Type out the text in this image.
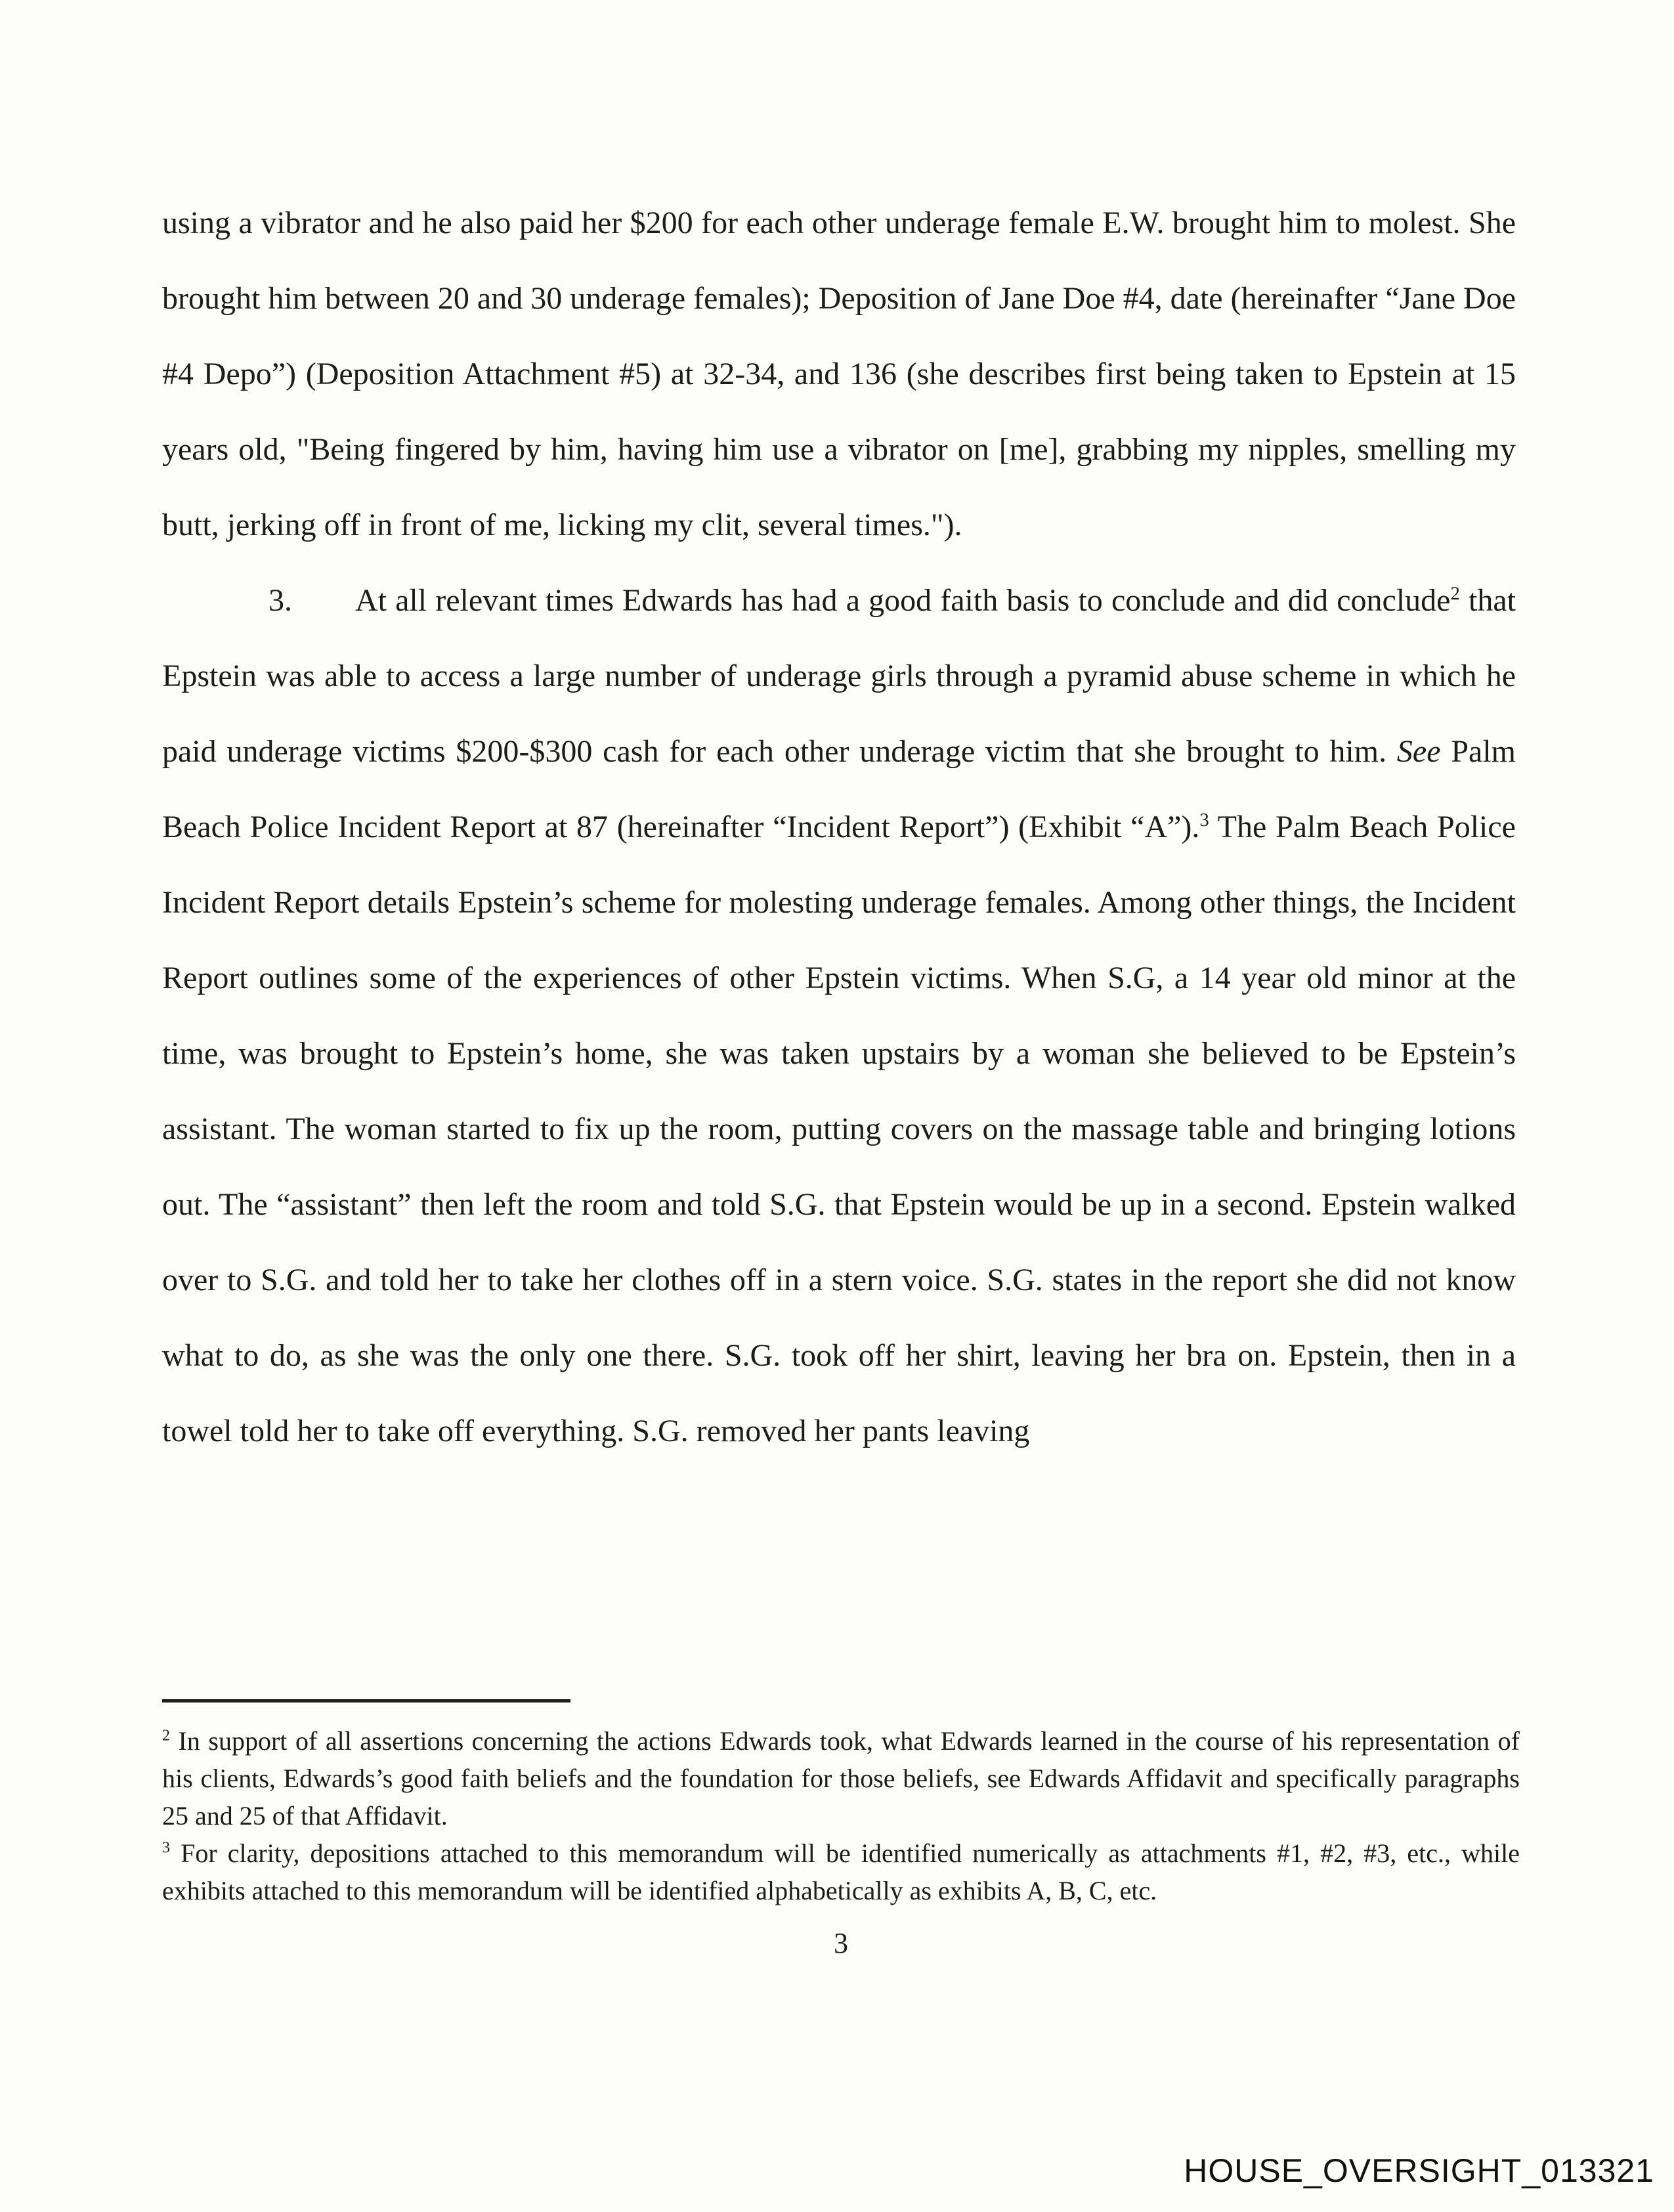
using a vibrator and he also paid her $200 for each other underage female E.W. brought him to molest. She brought him between 20 and 30 underage females); Deposition of Jane Doe #4, date (hereinafter “Jane Doe #4 Depo”) (Deposition Attachment #5) at 32-34, and 136 (she describes first being taken to Epstein at 15 years old, "Being fingered by him, having him use a vibrator on [me], grabbing my nipples, smelling my butt, jerking off in front of me, licking my clit, several times.").

3. At all relevant times Edwards has had a good faith basis to conclude and did conclude$^2$ that Epstein was able to access a large number of underage girls through a pyramid abuse scheme in which he paid underage victims $200-$300 cash for each other underage victim that she brought to him. See Palm Beach Police Incident Report at 87 (hereinafter “Incident Report”) (Exhibit “A”).$^3$ The Palm Beach Police Incident Report details Epstein’s scheme for molesting underage females. Among other things, the Incident Report outlines some of the experiences of other Epstein victims. When S.G, a 14 year old minor at the time, was brought to Epstein’s home, she was taken upstairs by a woman she believed to be Epstein’s assistant. The woman started to fix up the room, putting covers on the massage table and bringing lotions out. The “assistant” then left the room and told S.G. that Epstein would be up in a second. Epstein walked over to S.G. and told her to take her clothes off in a stern voice. S.G. states in the report she did not know what to do, as she was the only one there. S.G. took off her shirt, leaving her bra on. Epstein, then in a towel told her to take off everything. S.G. removed her pants leaving

$^2$ In support of all assertions concerning the actions Edwards took, what Edwards learned in the course of his representation of his clients, Edwards’s good faith beliefs and the foundation for those beliefs, see Edwards Affidavit and specifically paragraphs 25 and 25 of that Affidavit.

$^3$ For clarity, depositions attached to this memorandum will be identified numerically as attachments #1, #2, #3, etc., while exhibits attached to this memorandum will be identified alphabetically as exhibits A, B, C, etc.

3
HOUSE_OVERSIGHT_013321
